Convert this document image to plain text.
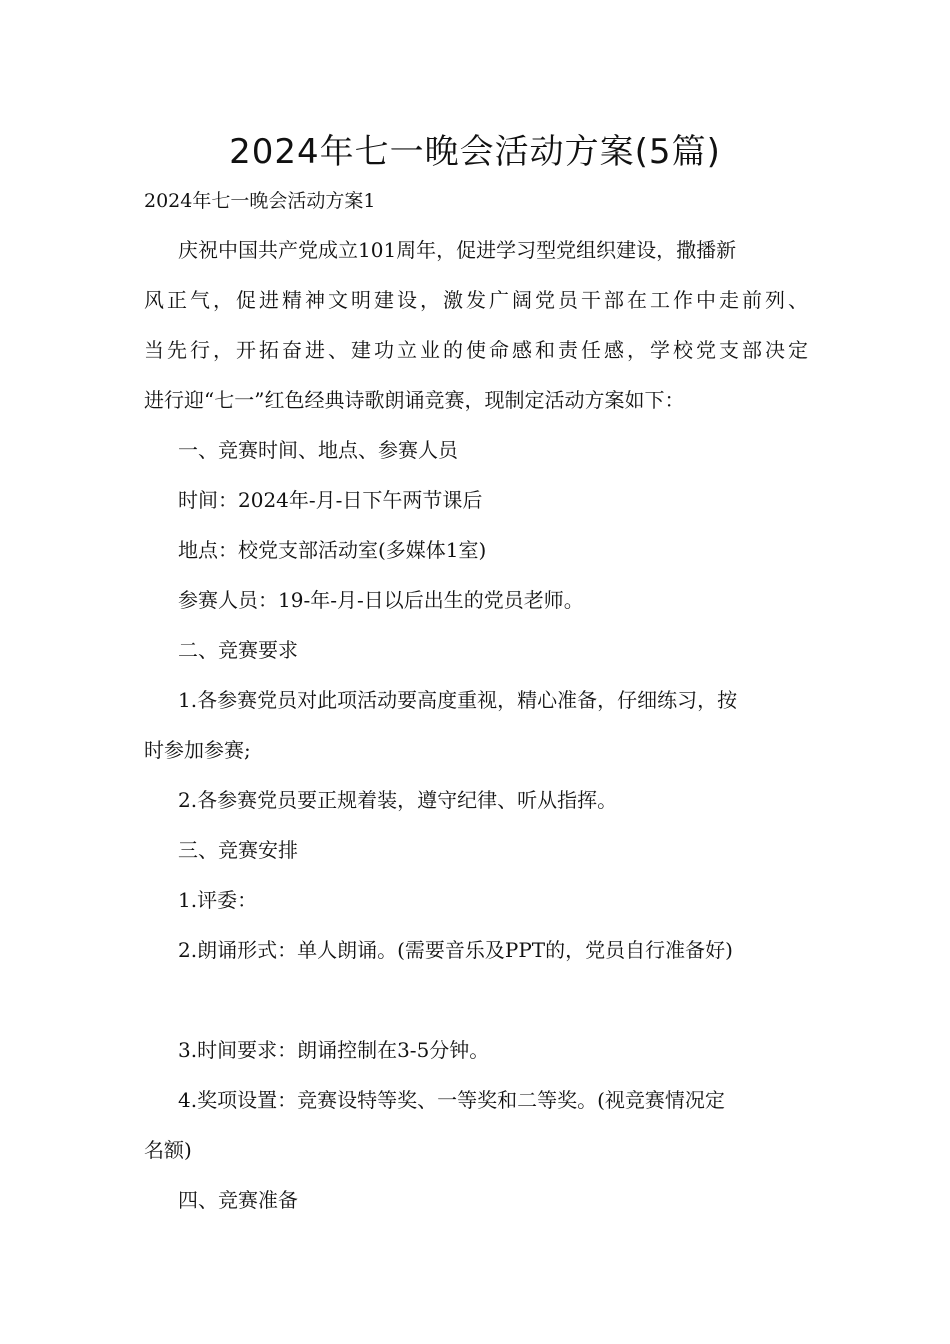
2024年七一晚会活动方案(5篇)
2024年七一晚会活动方案1
庆祝中国共产党成立101周年，促进学习型党组织建设，撒播新
风正气，促进精神文明建设，激发广阔党员干部在工作中走前列、
当先行，开拓奋进、建功立业的使命感和责任感，学校党支部决定
进行迎“七一”红色经典诗歌朗诵竞赛，现制定活动方案如下：
一、竞赛时间、地点、参赛人员
时间：2024年-月-日下午两节课后
地点：校党支部活动室(多媒体1室)
参赛人员：19-年-月-日以后出生的党员老师。
二、竞赛要求
1.各参赛党员对此项活动要高度重视，精心准备，仔细练习，按
时参加参赛;
2.各参赛党员要正规着装，遵守纪律、听从指挥。
三、竞赛安排
1.评委：
2.朗诵形式：单人朗诵。(需要音乐及PPT的，党员自行准备好)
3.时间要求：朗诵控制在3-5分钟。
4.奖项设置：竞赛设特等奖、一等奖和二等奖。(视竞赛情况定
名额)
四、竞赛准备
